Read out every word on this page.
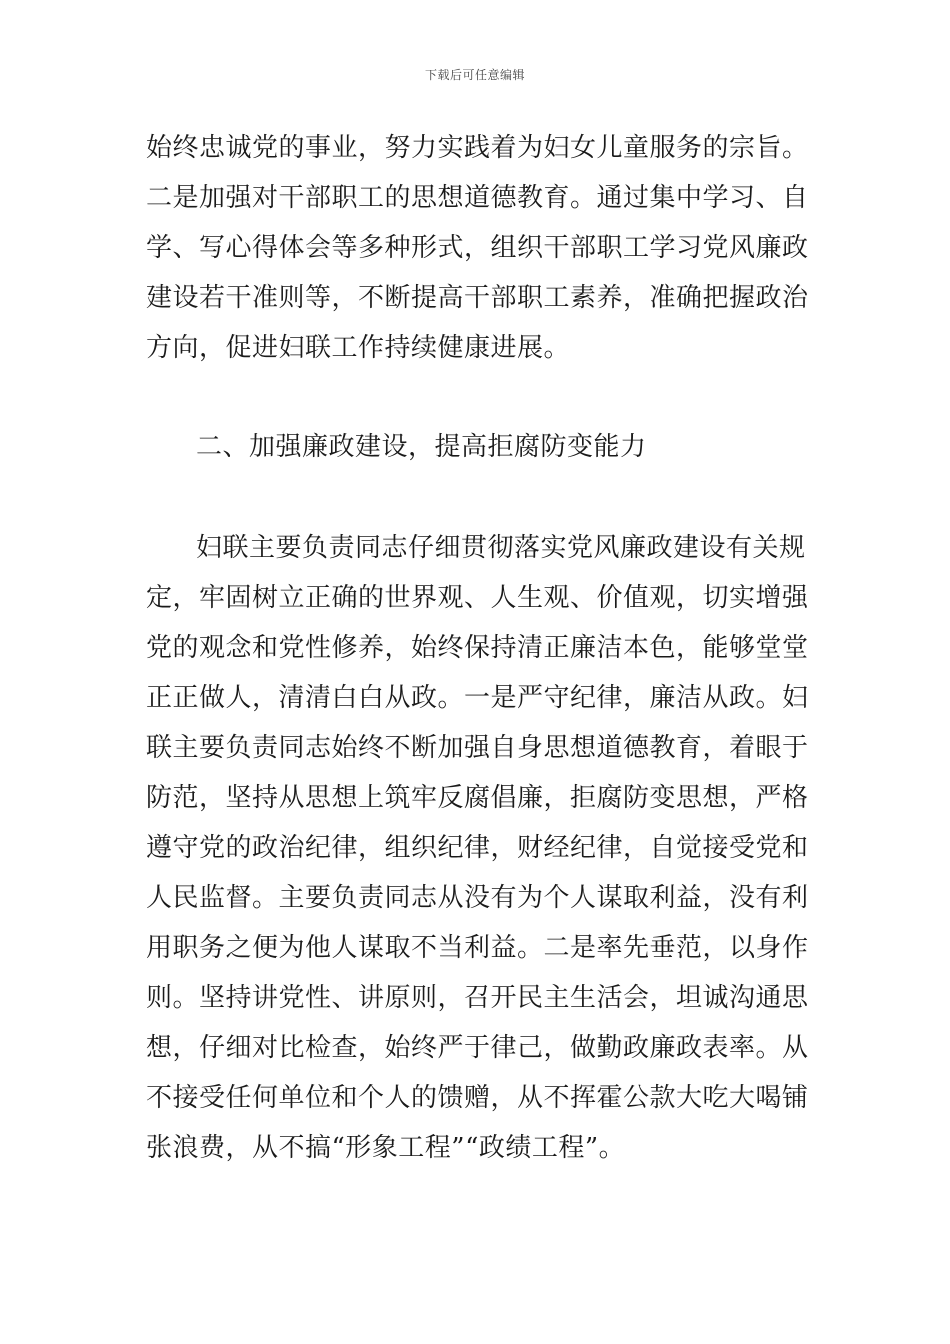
下载后可任意编辑
始终忠诚党的事业，努力实践着为妇女儿童服务的宗旨。
二是加强对干部职工的思想道德教育。通过集中学习、自
学、写心得体会等多种形式，组织干部职工学习党风廉政
建设若干准则等，不断提高干部职工素养，准确把握政治
方向，促进妇联工作持续健康进展。
二、加强廉政建设，提高拒腐防变能力
妇联主要负责同志仔细贯彻落实党风廉政建设有关规
定，牢固树立正确的世界观、人生观、价值观，切实增强
党的观念和党性修养，始终保持清正廉洁本色，能够堂堂
正正做人，清清白白从政。一是严守纪律，廉洁从政。妇
联主要负责同志始终不断加强自身思想道德教育，着眼于
防范，坚持从思想上筑牢反腐倡廉，拒腐防变思想，严格
遵守党的政治纪律，组织纪律，财经纪律，自觉接受党和
人民监督。主要负责同志从没有为个人谋取利益，没有利
用职务之便为他人谋取不当利益。二是率先垂范，以身作
则。坚持讲党性、讲原则，召开民主生活会，坦诚沟通思
想，仔细对比检查，始终严于律己，做勤政廉政表率。从
不接受任何单位和个人的馈赠，从不挥霍公款大吃大喝铺
张浪费，从不搞“形象工程”“政绩工程”。
